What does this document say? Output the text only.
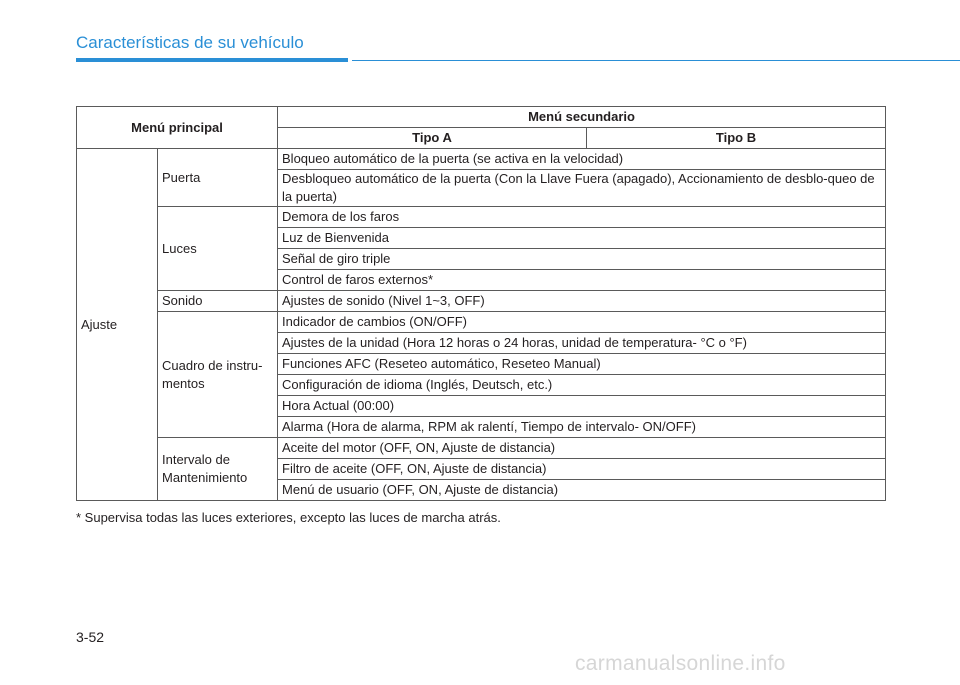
Características de su vehículo
Menú principal		Menú secundario	
		Tipo A	Tipo B
Ajuste	Puerta	Bloqueo automático de la puerta (se activa en la velocidad)	
		Desbloqueo automático de la puerta (Con la Llave Fuera (apagado), Accionamiento de desblo-queo de la puerta)	
	Luces	Demora de los faros	
		Luz de Bienvenida	
		Señal de giro triple	
		Control de faros externos*	
	Sonido	Ajustes de sonido (Nivel 1~3, OFF)	
	Cuadro de instru-mentos	Indicador de cambios (ON/OFF)	
		Ajustes de la unidad (Hora 12 horas o 24 horas, unidad de temperatura- °C o °F)	
		Funciones AFC (Reseteo automático, Reseteo Manual)	
		Configuración de idioma (Inglés, Deutsch, etc.)	
		Hora Actual (00:00)	
		Alarma (Hora de alarma, RPM ak ralentí, Tiempo de intervalo- ON/OFF)	
	Intervalo de Mantenimiento	Aceite del motor (OFF, ON, Ajuste de distancia)	
		Filtro de aceite (OFF, ON, Ajuste de distancia)	
		Menú de usuario (OFF, ON, Ajuste de distancia)	
* Supervisa todas las luces exteriores, excepto las luces de marcha atrás.
3-52
carmanualsonline.info
